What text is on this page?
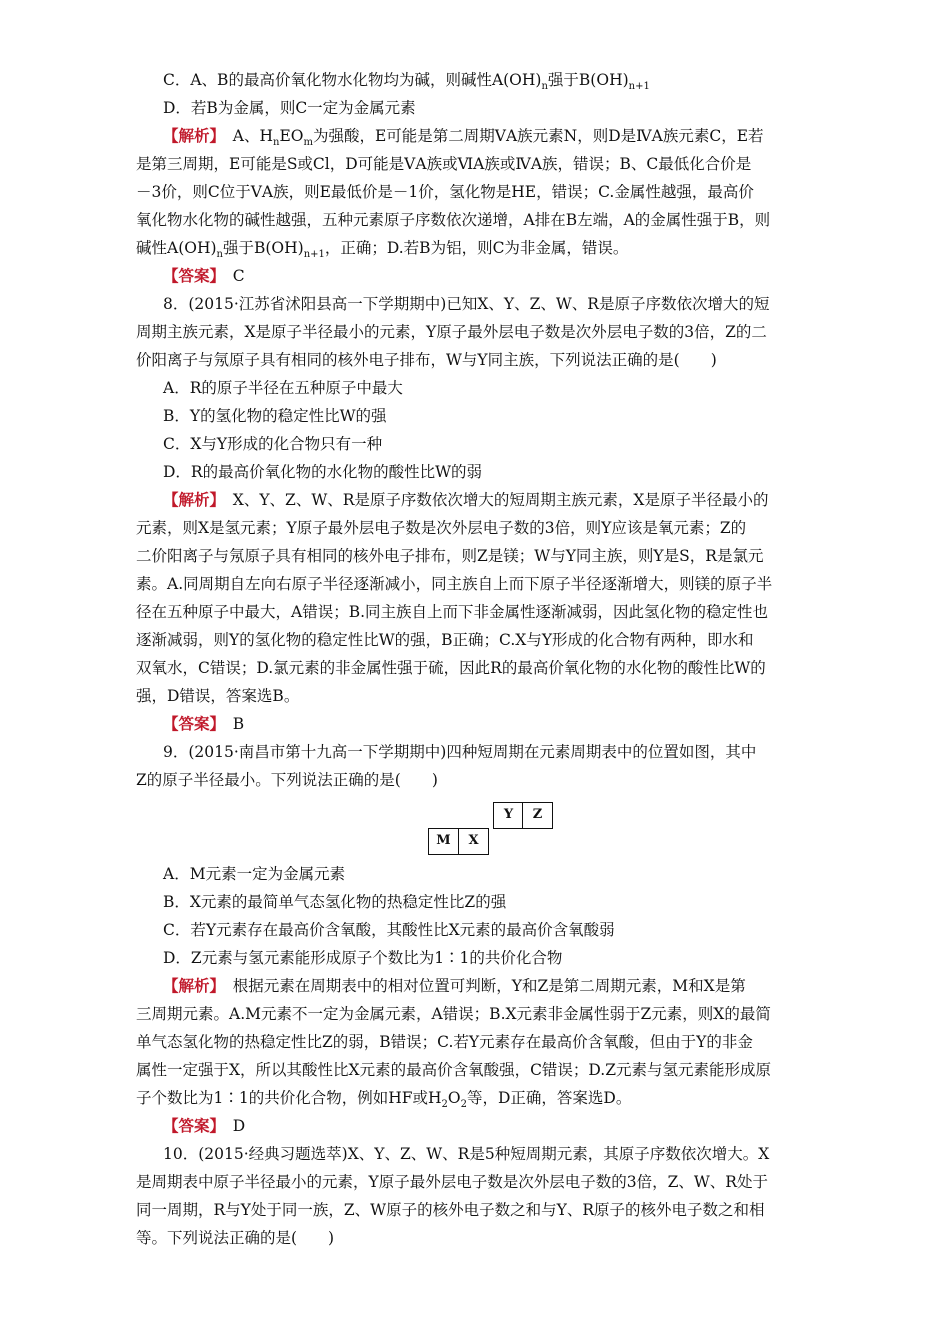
C．A、B的最高价氧化物水化物均为碱，则碱性$A(OH)_n$强于$B(OH)_{n+1}$
D．若B为金属，则C一定为金属元素
【解析】　 A、$H_nEO_m$为强酸，E可能是第二周期ⅤA族元素N，则D是ⅣA族元素C，E若
是第三周期，E可能是S或Cl，D可能是ⅤA族或ⅥA族或ⅣA族，错误；B、C最低化合价是
－3价，则C位于ⅤA族，则E最低价是－1价，氢化物是HE，错误；C.金属性越强，最高价
氧化物水化物的碱性越强，五种元素原子序数依次递增，A排在B左端，A的金属性强于B，则
碱性$A(OH)_n$强于$B(OH)_{n+1}$，正确；D.若B为铝，则C为非金属，错误。
【答案】　 C
8．(2015·江苏省沭阳县高一下学期期中)已知X、Y、Z、W、R是原子序数依次增大的短
周期主族元素，X是原子半径最小的元素，Y原子最外层电子数是次外层电子数的3倍，Z的二
价阳离子与氖原子具有相同的核外电子排布，W与Y同主族，下列说法正确的是(　　)
A．R的原子半径在五种原子中最大
B．Y的氢化物的稳定性比W的强
C．X与Y形成的化合物只有一种
D．R的最高价氧化物的水化物的酸性比W的弱
【解析】　 X、Y、Z、W、R是原子序数依次增大的短周期主族元素，X是原子半径最小的
元素，则X是氢元素；Y原子最外层电子数是次外层电子数的3倍，则Y应该是氧元素；Z的
二价阳离子与氖原子具有相同的核外电子排布，则Z是镁；W与Y同主族，则Y是S，R是氯元
素。A.同周期自左向右原子半径逐渐减小，同主族自上而下原子半径逐渐增大，则镁的原子半
径在五种原子中最大，A错误；B.同主族自上而下非金属性逐渐减弱，因此氢化物的稳定性也
逐渐减弱，则Y的氢化物的稳定性比W的强，B正确；C.X与Y形成的化合物有两种，即水和
双氧水，C错误；D.氯元素的非金属性强于硫，因此R的最高价氧化物的水化物的酸性比W的
强，D错误，答案选B。
【答案】　 B
9．(2015·南昌市第十九高一下学期期中)四种短周期在元素周期表中的位置如图，其中
Z的原子半径最小。下列说法正确的是(　　)
Y	Z
M	X
A．M元素一定为金属元素
B．X元素的最简单气态氢化物的热稳定性比Z的强
C．若Y元素存在最高价含氧酸，其酸性比X元素的最高价含氧酸弱
D．Z元素与氢元素能形成原子个数比为1∶1的共价化合物
【解析】　 根据元素在周期表中的相对位置可判断，Y和Z是第二周期元素，M和X是第
三周期元素。A.M元素不一定为金属元素，A错误；B.X元素非金属性弱于Z元素，则X的最简
单气态氢化物的热稳定性比Z的弱，B错误；C.若Y元素存在最高价含氧酸，但由于Y的非金
属性一定强于X，所以其酸性比X元素的最高价含氧酸强，C错误；D.Z元素与氢元素能形成原
子个数比为1∶1的共价化合物，例如HF或$H_2O_2$等，D正确，答案选D。
【答案】　 D
10．(2015·经典习题选萃)X、Y、Z、W、R是5种短周期元素，其原子序数依次增大。X
是周期表中原子半径最小的元素，Y原子最外层电子数是次外层电子数的3倍，Z、W、R处于
同一周期，R与Y处于同一族，Z、W原子的核外电子数之和与Y、R原子的核外电子数之和相
等。下列说法正确的是(　　)
